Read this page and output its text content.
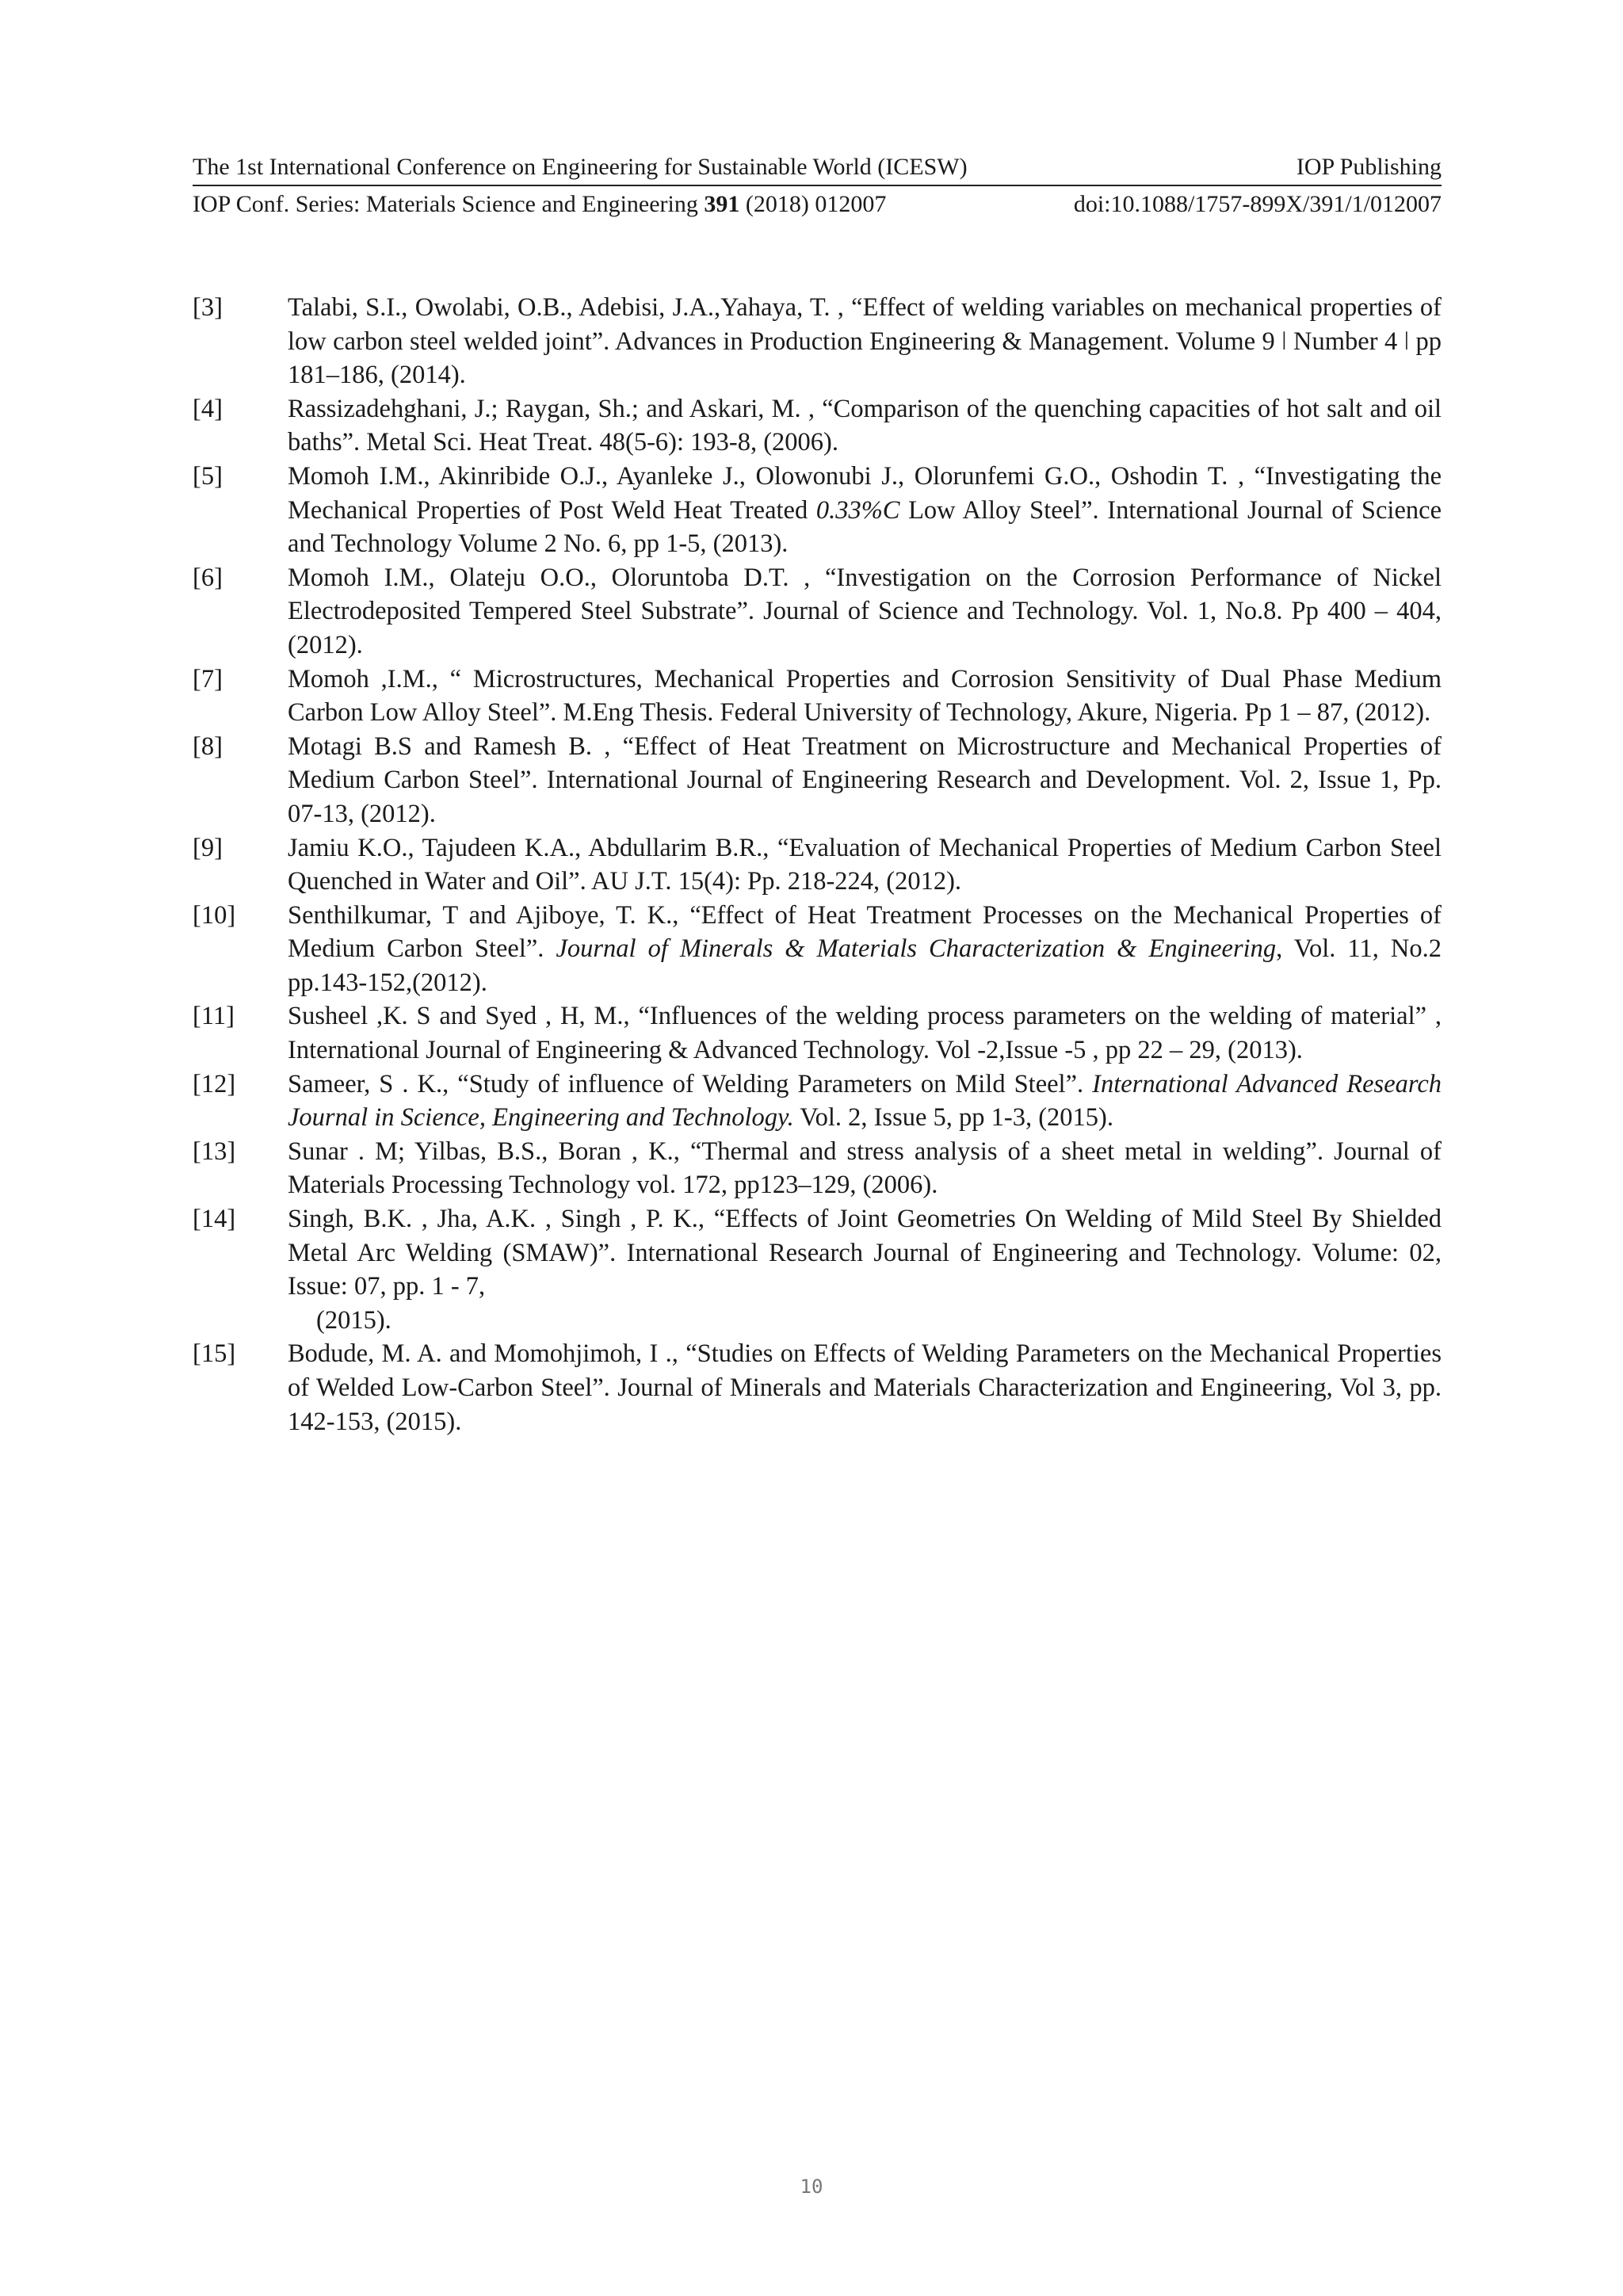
The 1st International Conference on Engineering for Sustainable World (ICESW)	IOP Publishing
IOP Conf. Series: Materials Science and Engineering 391 (2018) 012007	doi:10.1088/1757-899X/391/1/012007
[3]	Talabi, S.I., Owolabi, O.B., Adebisi, J.A.,Yahaya, T. , “Effect of welding variables on mechanical properties of low carbon steel welded joint”. Advances in Production Engineering & Management. Volume 9 ǀ Number 4 ǀ pp 181–186, (2014).
[4]	Rassizadehghani, J.; Raygan, Sh.; and Askari, M. , “Comparison of the quenching capacities of hot salt and oil baths”. Metal Sci. Heat Treat. 48(5-6): 193-8, (2006).
[5]	Momoh I.M., Akinribide O.J., Ayanleke J., Olowonubi J., Olorunfemi G.O., Oshodin T. , “Investigating the Mechanical Properties of Post Weld Heat Treated 0.33%C Low Alloy Steel”. International Journal of Science and Technology Volume 2 No. 6, pp 1-5, (2013).
[6]	Momoh I.M., Olateju O.O., Oloruntoba D.T. , “Investigation on the Corrosion Performance of Nickel Electrodeposited Tempered Steel Substrate”. Journal of Science and Technology. Vol. 1, No.8. Pp 400 – 404, (2012).
[7]	Momoh ,I.M., “ Microstructures, Mechanical Properties and Corrosion Sensitivity of Dual Phase Medium Carbon Low Alloy Steel”. M.Eng Thesis. Federal University of Technology, Akure, Nigeria. Pp 1 – 87, (2012).
[8]	Motagi B.S and Ramesh B. , “Effect of Heat Treatment on Microstructure and Mechanical Properties of Medium Carbon Steel”. International Journal of Engineering Research and Development. Vol. 2, Issue 1, Pp. 07-13, (2012).
[9]	Jamiu K.O., Tajudeen K.A., Abdullarim B.R., “Evaluation of Mechanical Properties of Medium Carbon Steel Quenched in Water and Oil”. AU J.T. 15(4): Pp. 218-224, (2012).
[10]	Senthilkumar, T and Ajiboye, T. K., “Effect of Heat Treatment Processes on the Mechanical Properties of Medium Carbon Steel”. Journal of Minerals & Materials Characterization & Engineering, Vol. 11, No.2 pp.143-152,(2012).
[11]	Susheel ,K. S and Syed , H, M., “Influences of the welding process parameters on the welding of material” , International Journal of Engineering & Advanced Technology. Vol -2,Issue -5 , pp 22 – 29, (2013).
[12]	Sameer, S . K., “Study of influence of Welding Parameters on Mild Steel”. International Advanced Research Journal in Science, Engineering and Technology. Vol. 2, Issue 5, pp 1-3, (2015).
[13]	Sunar . M; Yilbas, B.S., Boran , K., “Thermal and stress analysis of a sheet metal in welding”. Journal of Materials Processing Technology vol. 172, pp123–129, (2006).
[14]	Singh, B.K. , Jha, A.K. , Singh , P. K., “Effects of Joint Geometries On Welding of Mild Steel By Shielded Metal Arc Welding (SMAW)”. International Research Journal of Engineering and Technology. Volume: 02, Issue: 07, pp. 1 - 7,
(2015).
[15]	Bodude, M. A. and Momohjimoh, I ., “Studies on Effects of Welding Parameters on the Mechanical Properties of Welded Low-Carbon Steel”. Journal of Minerals and Materials Characterization and Engineering, Vol 3, pp. 142-153, (2015).
10
